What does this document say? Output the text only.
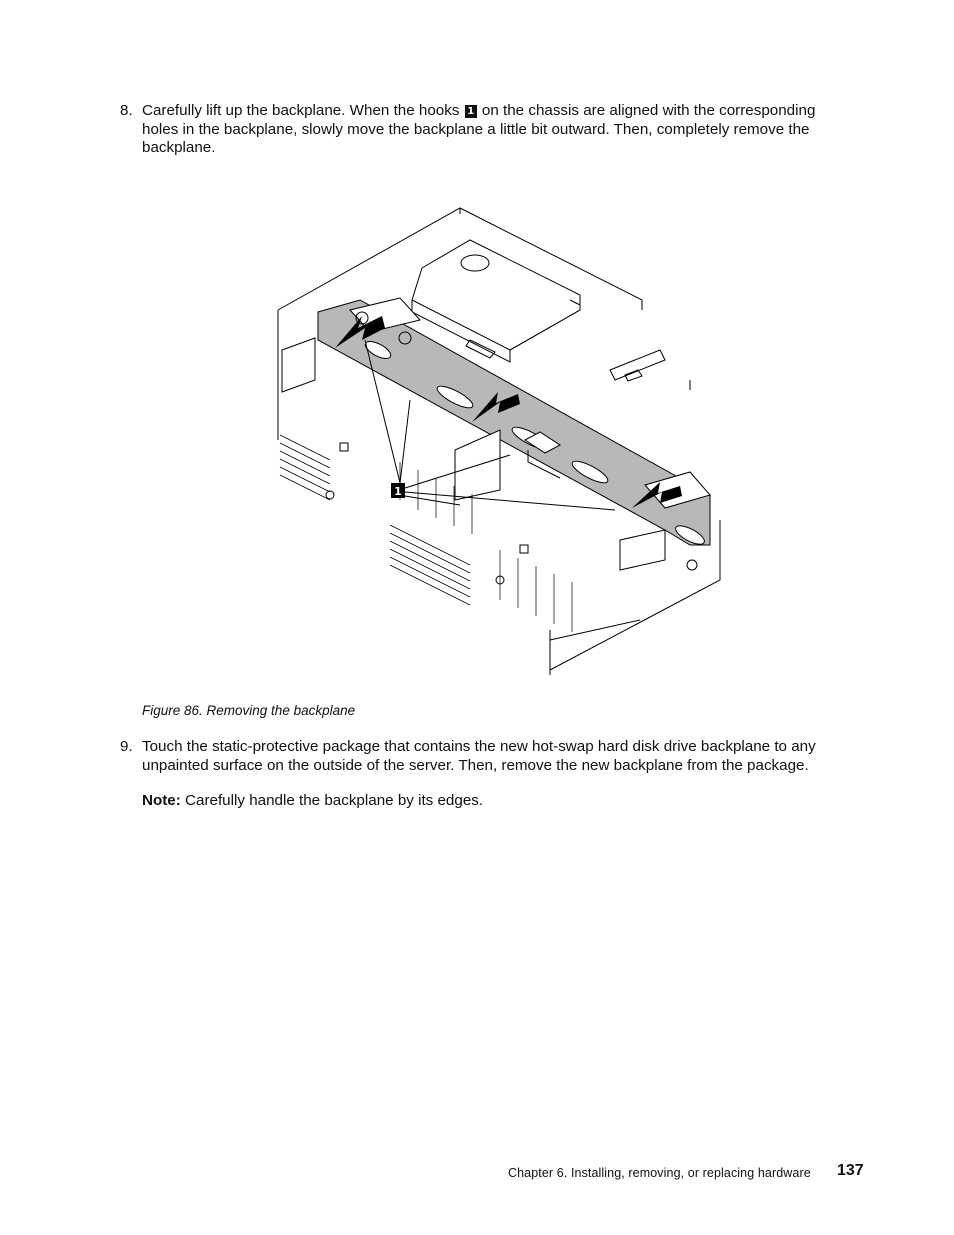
8. Carefully lift up the backplane. When the hooks 1 on the chassis are aligned with the corresponding holes in the backplane, slowly move the backplane a little bit outward. Then, completely remove the backplane.
1
Figure 86. Removing the backplane
9. Touch the static-protective package that contains the new hot-swap hard disk drive backplane to any unpainted surface on the outside of the server. Then, remove the new backplane from the package.
Note: Carefully handle the backplane by its edges.
Chapter 6. Installing, removing, or replacing hardware 137
